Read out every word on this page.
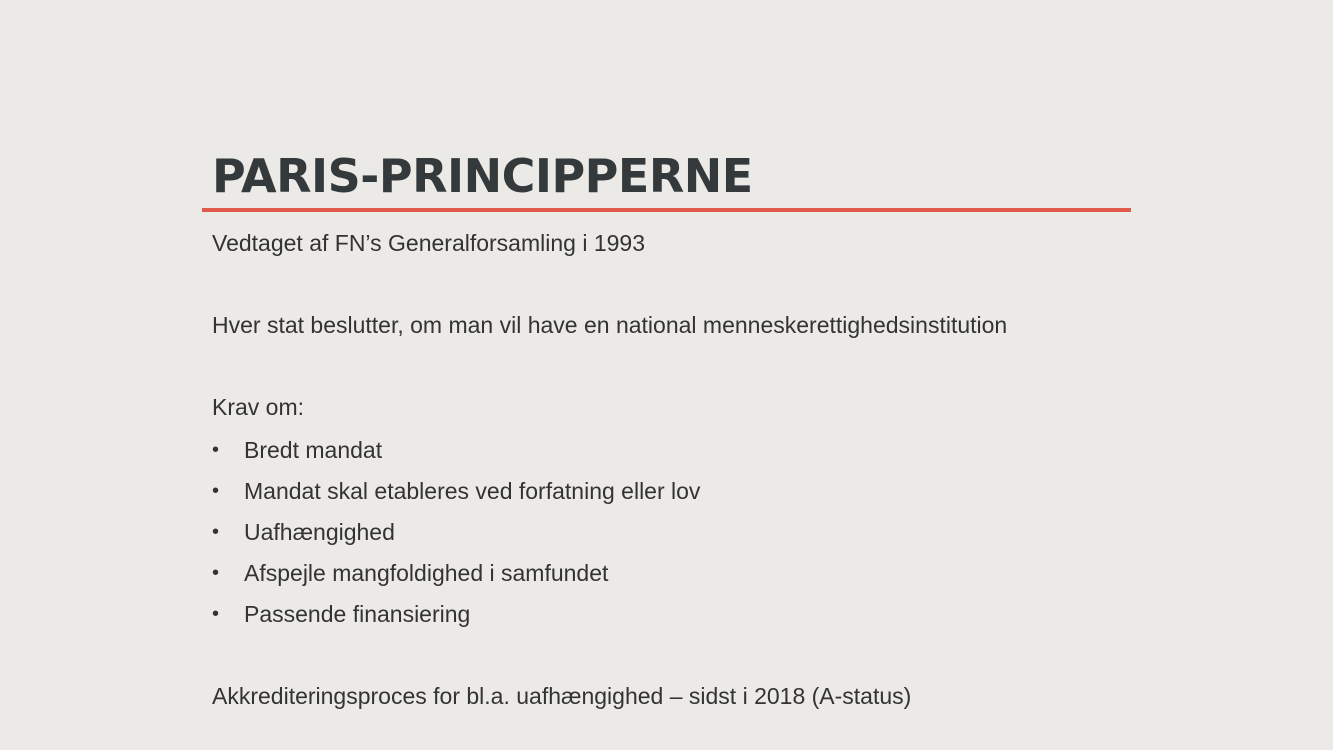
PARIS-PRINCIPPERNE

Vedtaget af FN’s Generalforsamling i 1993

Hver stat beslutter, om man vil have en national menneskerettighedsinstitution

Krav om:

•	Bredt mandat
•	Mandat skal etableres ved forfatning eller lov
•	Uafhængighed
•	Afspejle mangfoldighed i samfundet
•	Passende finansiering

Akkrediteringsproces for bl.a. uafhængighed – sidst i 2018 (A-status)
